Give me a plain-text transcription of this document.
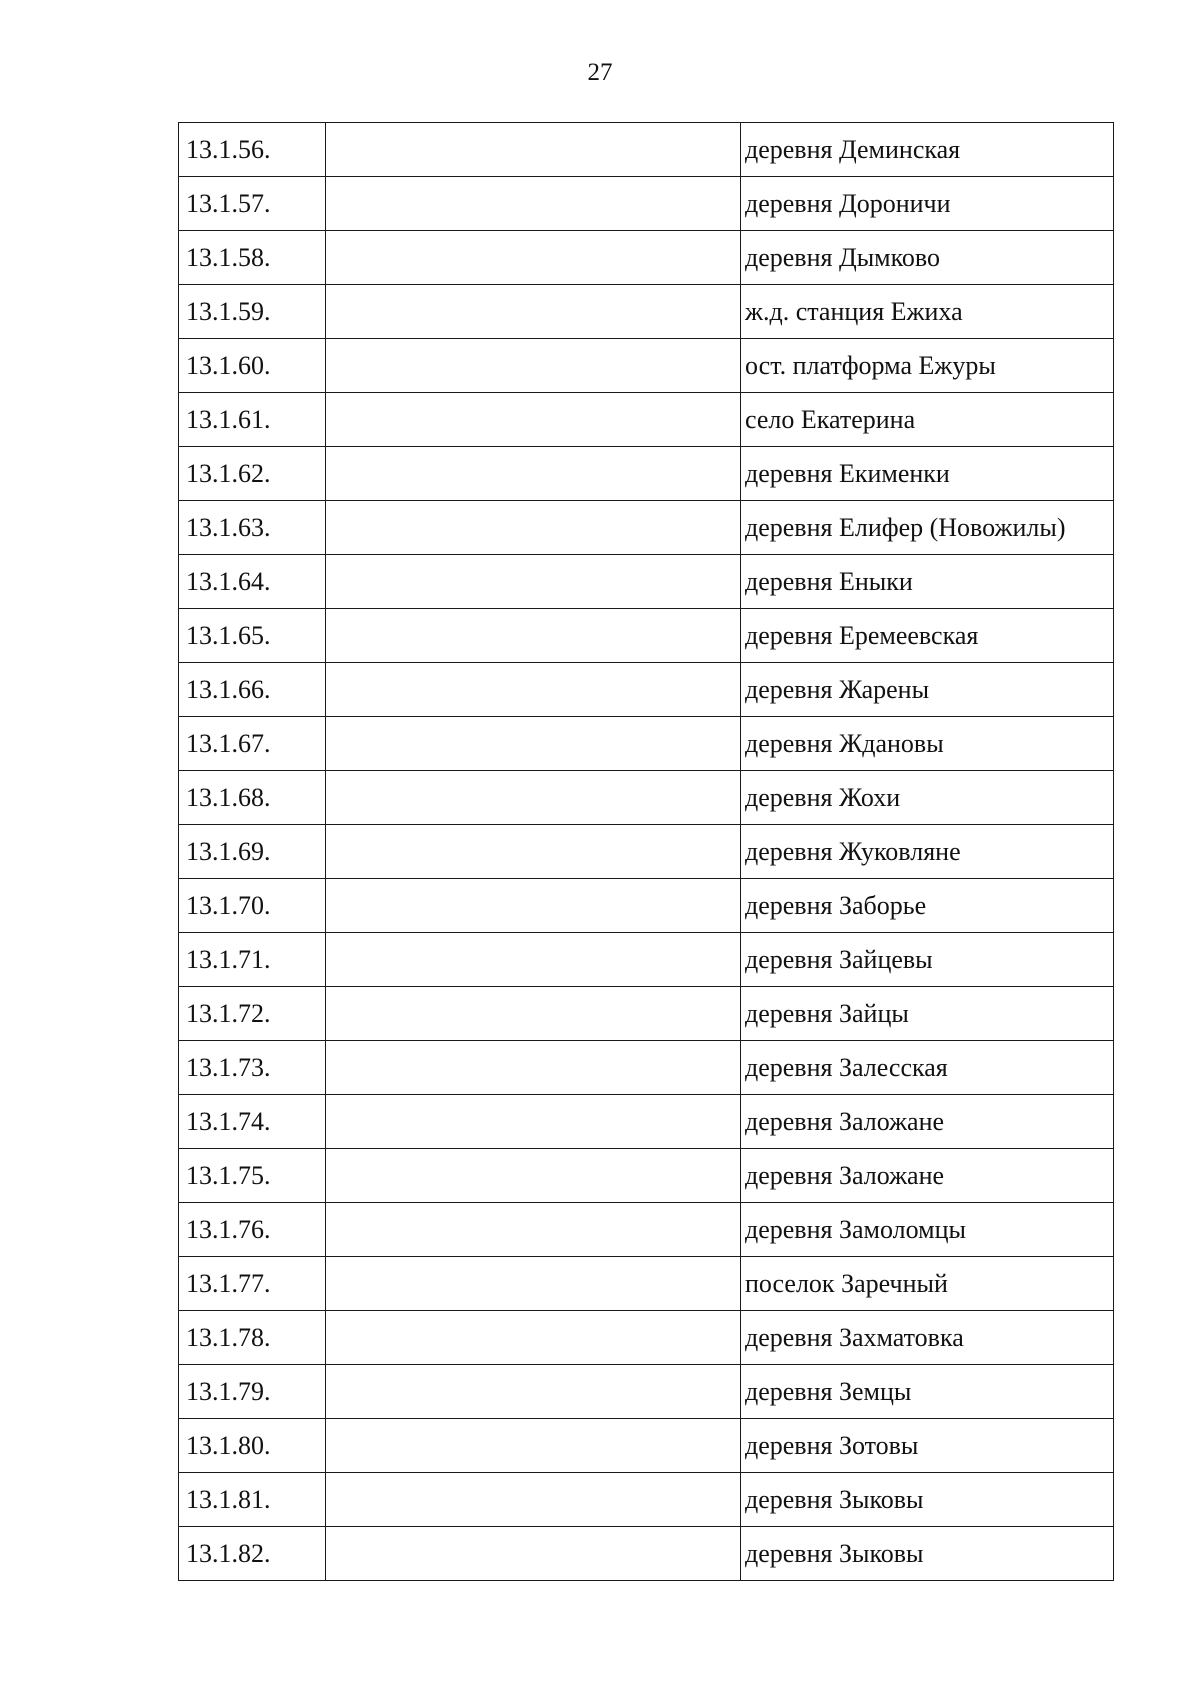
27
13.1.56.		деревня Деминская
13.1.57.		деревня Дороничи
13.1.58.		деревня Дымково
13.1.59.		ж.д. станция Ежиха
13.1.60.		ост. платформа Ежуры
13.1.61.		село Екатерина
13.1.62.		деревня Екименки
13.1.63.		деревня Елифер (Новожилы)
13.1.64.		деревня Еныки
13.1.65.		деревня Еремеевская
13.1.66.		деревня Жарены
13.1.67.		деревня Ждановы
13.1.68.		деревня Жохи
13.1.69.		деревня Жуковляне
13.1.70.		деревня Заборье
13.1.71.		деревня Зайцевы
13.1.72.		деревня Зайцы
13.1.73.		деревня Залесская
13.1.74.		деревня Заложане
13.1.75.		деревня Заложане
13.1.76.		деревня Замоломцы
13.1.77.		поселок Заречный
13.1.78.		деревня Захматовка
13.1.79.		деревня Земцы
13.1.80.		деревня Зотовы
13.1.81.		деревня Зыковы
13.1.82.		деревня Зыковы
